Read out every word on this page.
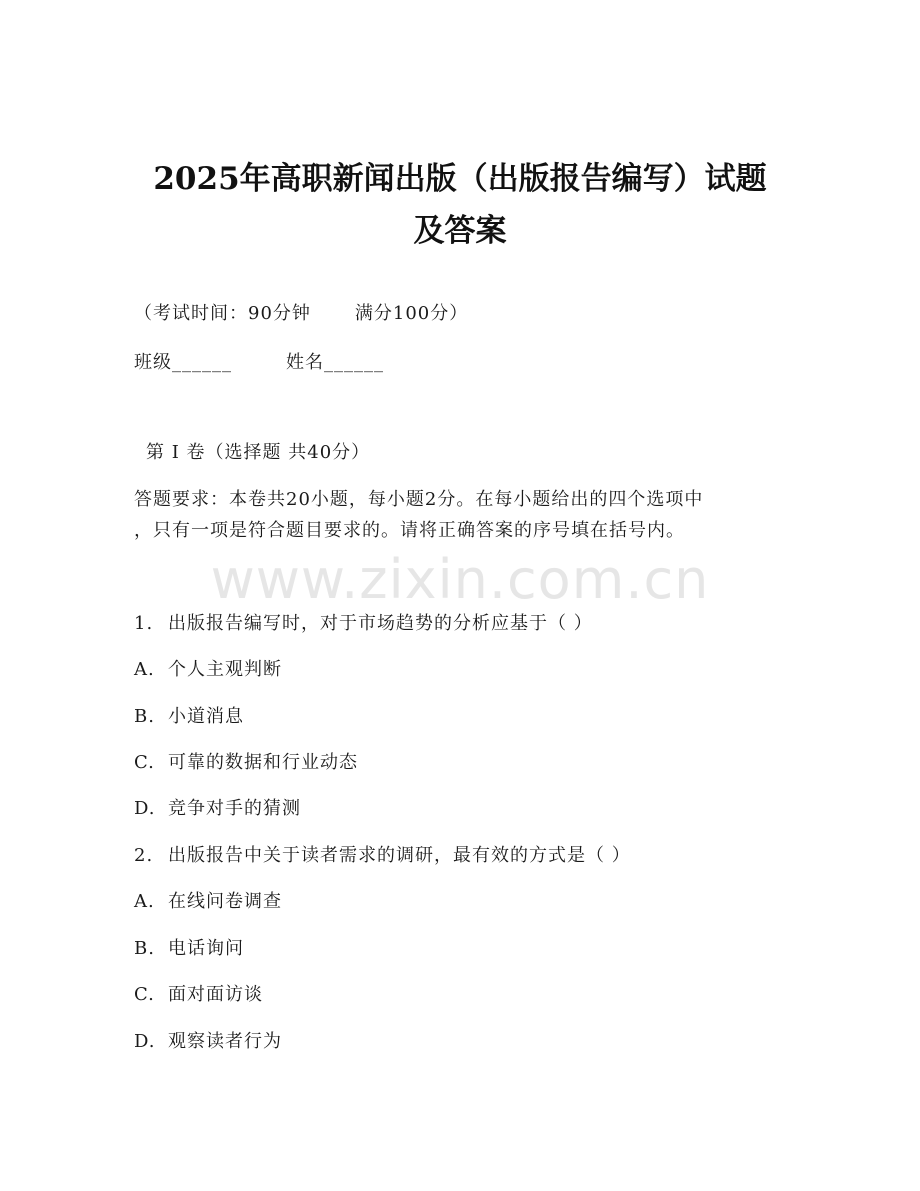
2025年高职新闻出版（出版报告编写）试题
及答案
（考试时间：90分钟 满分100分）
班级______	姓名______
第 I 卷（选择题 共40分）
答题要求：本卷共20小题，每小题2分。在每小题给出的四个选项中
，只有一项是符合题目要求的。请将正确答案的序号填在括号内。
www.zixin.com.cn
1. 出版报告编写时，对于市场趋势的分析应基于（ ）
A. 个人主观判断
B. 小道消息
C. 可靠的数据和行业动态
D. 竞争对手的猜测
2. 出版报告中关于读者需求的调研，最有效的方式是（ ）
A. 在线问卷调查
B. 电话询问
C. 面对面访谈
D. 观察读者行为
